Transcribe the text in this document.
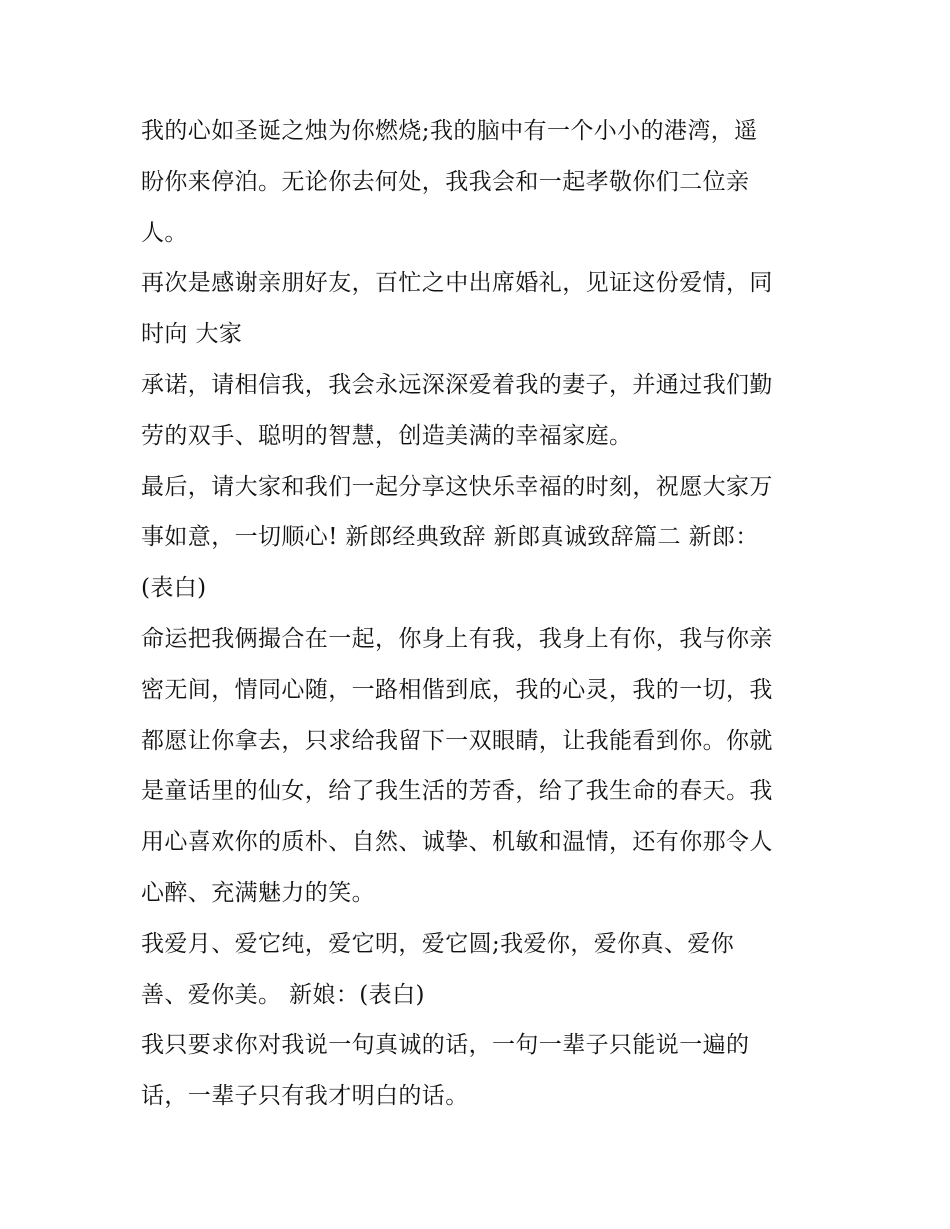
我的心如圣诞之烛为你燃烧;我的脑中有一个小小的港湾，遥
盼你来停泊。无论你去何处，我我会和一起孝敬你们二位亲
人。
再次是感谢亲朋好友，百忙之中出席婚礼，见证这份爱情，同
时向 大家
承诺，请相信我，我会永远深深爱着我的妻子，并通过我们勤
劳的双手、聪明的智慧，创造美满的幸福家庭。
最后，请大家和我们一起分享这快乐幸福的时刻，祝愿大家万
事如意，一切顺心! 新郎经典致辞 新郎真诚致辞篇二 新郎：
(表白)
命运把我俩撮合在一起，你身上有我，我身上有你，我与你亲
密无间，情同心随，一路相偕到底，我的心灵，我的一切，我
都愿让你拿去，只求给我留下一双眼睛，让我能看到你。你就
是童话里的仙女，给了我生活的芳香，给了我生命的春天。我
用心喜欢你的质朴、自然、诚挚、机敏和温情，还有你那令人
心醉、充满魅力的笑。
我爱月、爱它纯，爱它明，爱它圆;我爱你，爱你真、爱你
善、爱你美。 新娘：(表白)
我只要求你对我说一句真诚的话，一句一辈子只能说一遍的
话，一辈子只有我才明白的话。
